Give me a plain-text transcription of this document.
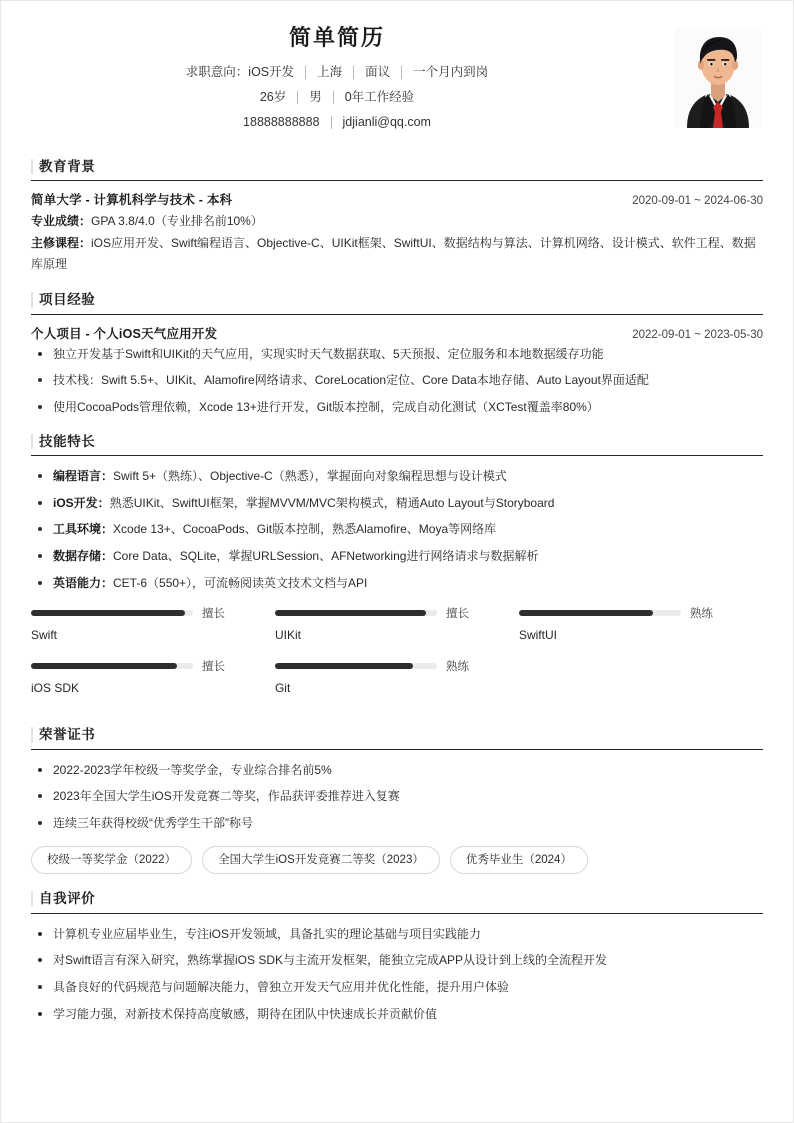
简单简历
求职意向：iOS开发 上海 面议 一个月内到岗
26岁 男 0年工作经验
18888888888 jdjianli@qq.com
教育背景
简单大学 - 计算机科学与技术 - 本科	2020-09-01 ~ 2024-06-30
专业成绩：GPA 3.8/4.0（专业排名前10%）
主修课程：iOS应用开发、Swift编程语言、Objective-C、UIKit框架、SwiftUI、数据结构与算法、计算机网络、设计模式、软件工程、数据库原理
项目经验
个人项目 - 个人iOS天气应用开发	2022-09-01 ~ 2023-05-30
独立开发基于Swift和UIKit的天气应用，实现实时天气数据获取、5天预报、定位服务和本地数据缓存功能
技术栈：Swift 5.5+、UIKit、Alamofire网络请求、CoreLocation定位、Core Data本地存储、Auto Layout界面适配
使用CocoaPods管理依赖，Xcode 13+进行开发，Git版本控制，完成自动化测试（XCTest覆盖率80%）
技能特长
编程语言：Swift 5+（熟练）、Objective-C（熟悉），掌握面向对象编程思想与设计模式
iOS开发：熟悉UIKit、SwiftUI框架，掌握MVVM/MVC架构模式，精通Auto Layout与Storyboard
工具环境：Xcode 13+、CocoaPods、Git版本控制，熟悉Alamofire、Moya等网络库
数据存储：Core Data、SQLite，掌握URLSession、AFNetworking进行网络请求与数据解析
英语能力：CET-6（550+），可流畅阅读英文技术文档与API
擅长
Swift
擅长
UIKit
熟练
SwiftUI
擅长
iOS SDK
熟练
Git
荣誉证书
2022-2023学年校级一等奖学金，专业综合排名前5%
2023年全国大学生iOS开发竞赛二等奖，作品获评委推荐进入复赛
连续三年获得校级“优秀学生干部”称号
校级一等奖学金（2022）	全国大学生iOS开发竞赛二等奖（2023）	优秀毕业生（2024）
自我评价
计算机专业应届毕业生，专注iOS开发领域，具备扎实的理论基础与项目实践能力
对Swift语言有深入研究，熟练掌握iOS SDK与主流开发框架，能独立完成APP从设计到上线的全流程开发
具备良好的代码规范与问题解决能力，曾独立开发天气应用并优化性能，提升用户体验
学习能力强，对新技术保持高度敏感，期待在团队中快速成长并贡献价值
